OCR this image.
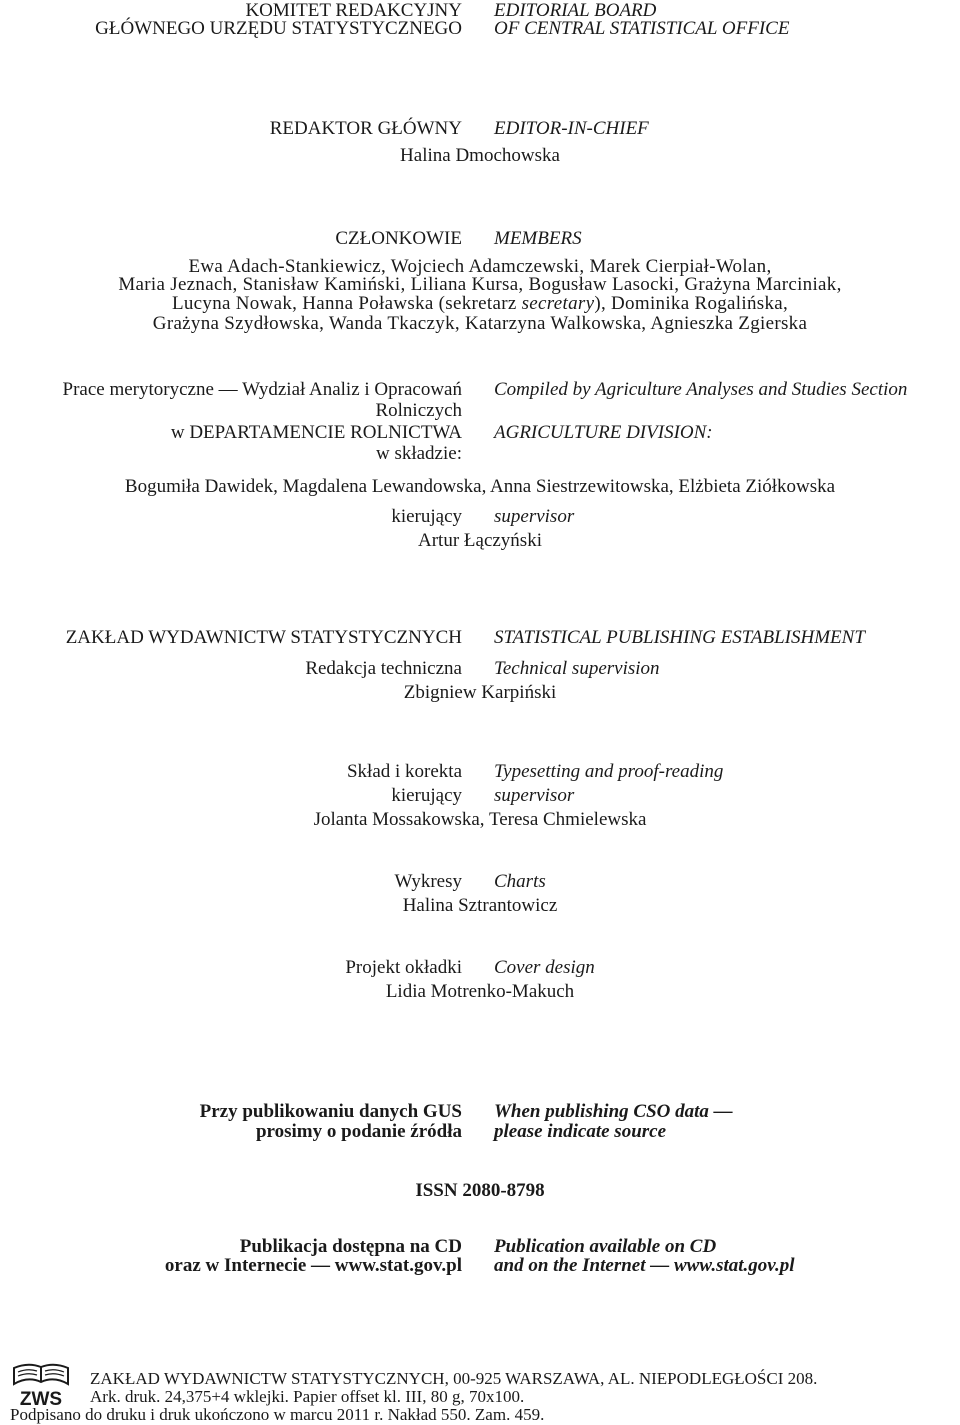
KOMITET REDAKCYJNY
GŁÓWNEGO URZĘDU STATYSTYCZNEGO
EDITORIAL BOARD
OF CENTRAL STATISTICAL OFFICE
REDAKTOR GŁÓWNY EDITOR-IN-CHIEF
Halina Dmochowska
CZŁONKOWIE MEMBERS
Ewa Adach-Stankiewicz, Wojciech Adamczewski, Marek Cierpiał-Wolan,
Maria Jeznach, Stanisław Kamiński, Liliana Kursa, Bogusław Lasocki, Grażyna Marciniak,
Lucyna Nowak, Hanna Poławska (sekretarz secretary), Dominika Rogalińska,
Grażyna Szydłowska, Wanda Tkaczyk, Katarzyna Walkowska, Agnieszka Zgierska
Prace merytoryczne — Wydział Analiz i Opracowań
Rolniczych
w DEPARTAMENCIE ROLNICTWA
w składzie:
Compiled by Agriculture Analyses and Studies Section
AGRICULTURE DIVISION:
Bogumiła Dawidek, Magdalena Lewandowska, Anna Siestrzewitowska, Elżbieta Ziółkowska
kierujący supervisor
Artur Łączyński
ZAKŁAD WYDAWNICTW STATYSTYCZNYCH STATISTICAL PUBLISHING ESTABLISHMENT
Redakcja techniczna Technical supervision
Zbigniew Karpiński
Skład i korekta Typesetting and proof-reading
kierujący supervisor
Jolanta Mossakowska, Teresa Chmielewska
Wykresy Charts
Halina Sztrantowicz
Projekt okładki Cover design
Lidia Motrenko-Makuch
Przy publikowaniu danych GUS
prosimy o podanie źródła
When publishing CSO data —
please indicate source
ISSN 2080-8798
Publikacja dostępna na CD
oraz w Internecie — www.stat.gov.pl
Publication available on CD
and on the Internet — www.stat.gov.pl
ZWS
ZAKŁAD WYDAWNICTW STATYSTYCZNYCH, 00-925 WARSZAWA, AL. NIEPODLEGŁOŚCI 208.
Ark. druk. 24,375+4 wklejki. Papier offset kl. III, 80 g, 70x100.
Podpisano do druku i druk ukończono w marcu 2011 r. Nakład 550. Zam. 459.
